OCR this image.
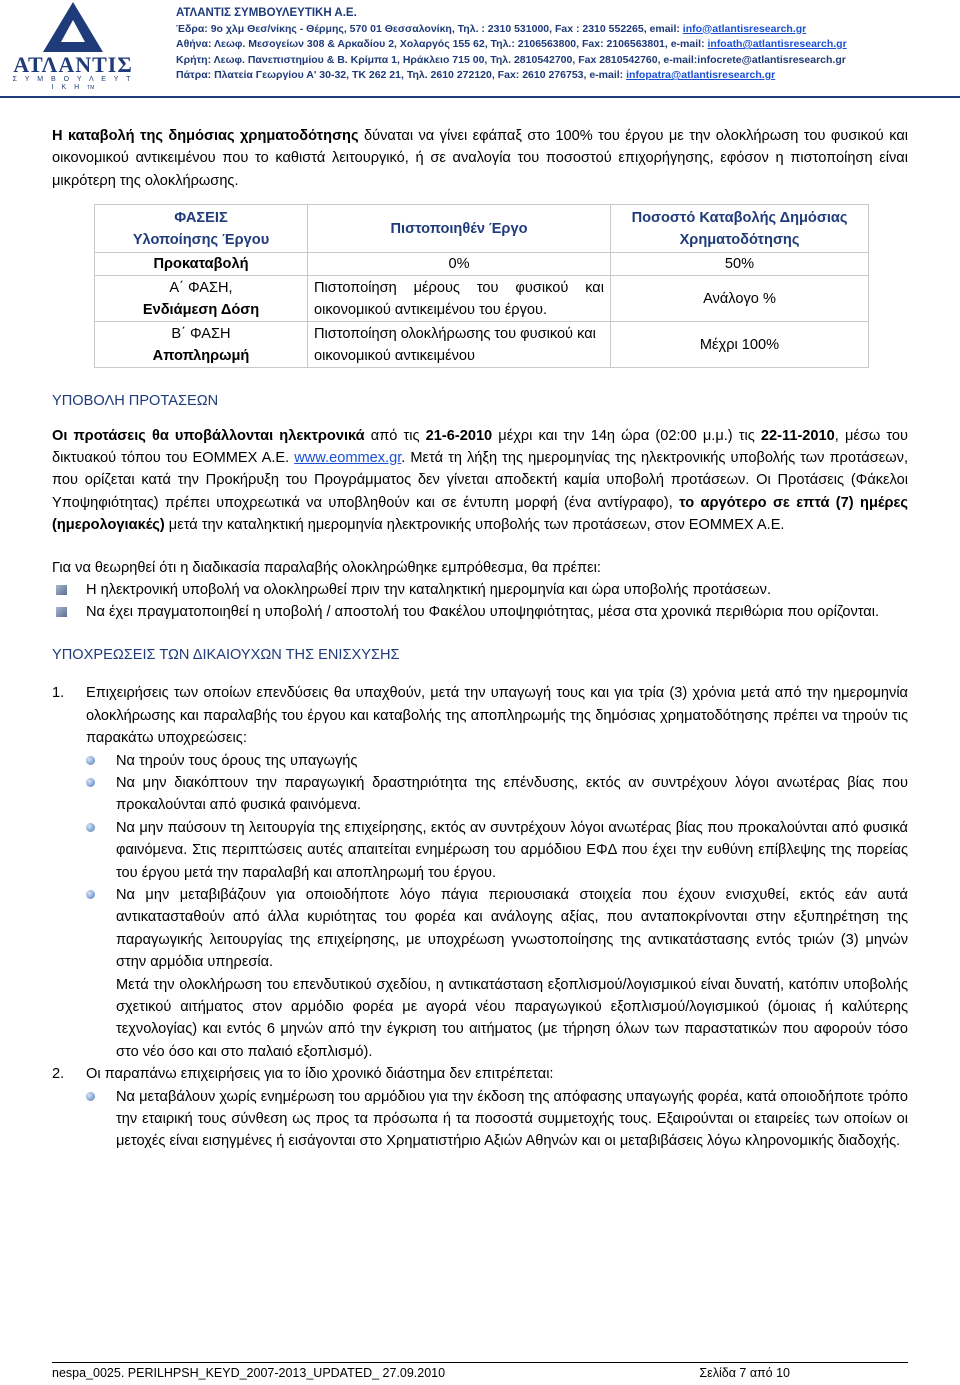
ΑΤΛΑΝΤΙΣ
Σ Υ Μ Β Ο Υ Λ Ε Υ Τ Ι Κ Η TM
ΑΤΛΑΝΤΙΣ ΣΥΜΒΟΥΛΕΥΤΙΚΗ Α.Ε.
Έδρα: 9ο χλμ Θεσ/νίκης - Θέρμης, 570 01 Θεσσαλονίκη, Τηλ. : 2310 531000, Fax : 2310 552265, email: info@atlantisresearch.gr
Αθήνα: Λεωφ. Μεσογείων 308 & Αρκαδίου 2, Χολαργός 155 62, Τηλ.: 2106563800, Fax: 2106563801, e-mail: infoath@atlantisresearch.gr
Κρήτη: Λεωφ. Πανεπιστημίου & Β. Κρίμπα 1, Ηράκλειο 715 00, Τηλ. 2810542700, Fax 2810542760, e-mail:infocrete@atlantisresearch.gr
Πάτρα: Πλατεία Γεωργίου Α' 30-32, ΤΚ 262 21, Τηλ. 2610 272120, Fax: 2610 276753, e-mail: infopatra@atlantisresearch.gr

Η καταβολή της δημόσιας χρηματοδότησης δύναται να γίνει εφάπαξ στο 100% του έργου με την ολοκλήρωση του φυσικού και οικονομικού αντικειμένου που το καθιστά λειτουργικό, ή σε αναλογία του ποσοστού επιχορήγησης, εφόσον η πιστοποίηση είναι μικρότερη της ολοκλήρωσης.

ΦΑΣΕΙΣ
Υλοποίησης Έργου	Πιστοποιηθέν Έργο	Ποσοστό Καταβολής Δημόσιας
Χρηματοδότησης
Προκαταβολή	0%	50%
Α΄ ΦΑΣΗ,
Ενδιάμεση Δόση	Πιστοποίηση μέρους του φυσικού και οικονομικού αντικειμένου του έργου.	Ανάλογο %
Β΄ ΦΑΣΗ
Αποπληρωμή	Πιστοποίηση ολοκλήρωσης του φυσικού και οικονομικού αντικειμένου	Μέχρι 100%

ΥΠΟΒΟΛΗ ΠΡΟΤΑΣΕΩΝ

Οι προτάσεις θα υποβάλλονται ηλεκτρονικά από τις 21-6-2010 μέχρι και την 14η ώρα (02:00 μ.μ.) τις 22-11-2010, μέσω του δικτυακού τόπου του ΕΟΜΜΕΧ Α.Ε. www.eommex.gr. Μετά τη λήξη της ημερομηνίας της ηλεκτρονικής υποβολής των προτάσεων, που ορίζεται κατά την Προκήρυξη του Προγράμματος δεν γίνεται αποδεκτή καμία υποβολή προτάσεων. Οι Προτάσεις (Φάκελοι Υποψηφιότητας) πρέπει υποχρεωτικά να υποβληθούν και σε έντυπη μορφή (ένα αντίγραφο), το αργότερο σε επτά (7) ημέρες (ημερολογιακές) μετά την καταληκτική ημερομηνία ηλεκτρονικής υποβολής των προτάσεων, στον ΕΟΜΜΕΧ Α.Ε.

Για να θεωρηθεί ότι η διαδικασία παραλαβής ολοκληρώθηκε εμπρόθεσμα, θα πρέπει:

Η ηλεκτρονική υποβολή να ολοκληρωθεί πριν την καταληκτική ημερομηνία και ώρα υποβολής προτάσεων.

Να έχει πραγματοποιηθεί η υποβολή / αποστολή του Φακέλου υποψηφιότητας, μέσα στα χρονικά περιθώρια που ορίζονται.

ΥΠΟΧΡΕΩΣΕΙΣ ΤΩΝ ΔΙΚΑΙΟΥΧΩΝ ΤΗΣ ΕΝΙΣΧΥΣΗΣ

1. Επιχειρήσεις των οποίων επενδύσεις θα υπαχθούν, μετά την υπαγωγή τους και για τρία (3) χρόνια μετά από την ημερομηνία ολοκλήρωσης και παραλαβής του έργου και καταβολής της αποπληρωμής της δημόσιας χρηματοδότησης πρέπει να τηρούν τις παρακάτω υποχρεώσεις:

Να τηρούν τους όρους της υπαγωγής

Να μην διακόπτουν την παραγωγική δραστηριότητα της επένδυσης, εκτός αν συντρέχουν λόγοι ανωτέρας βίας που προκαλούνται από φυσικά φαινόμενα.

Να μην παύσουν τη λειτουργία της επιχείρησης, εκτός αν συντρέχουν λόγοι ανωτέρας βίας που προκαλούνται από φυσικά φαινόμενα. Στις περιπτώσεις αυτές απαιτείται ενημέρωση του αρμόδιου ΕΦΔ που έχει την ευθύνη επίβλεψης της πορείας του έργου μετά την παραλαβή και αποπληρωμή του έργου.

Να μην μεταβιβάζουν για οποιοδήποτε λόγο πάγια περιουσιακά στοιχεία που έχουν ενισχυθεί, εκτός εάν αυτά αντικατασταθούν από άλλα κυριότητας του φορέα και ανάλογης αξίας, που ανταποκρίνονται στην εξυπηρέτηση της παραγωγικής λειτουργίας της επιχείρησης, με υποχρέωση γνωστοποίησης της αντικατάστασης εντός τριών (3) μηνών στην αρμόδια υπηρεσία.

Μετά την ολοκλήρωση του επενδυτικού σχεδίου, η αντικατάσταση εξοπλισμού/λογισμικού είναι δυνατή, κατόπιν υποβολής σχετικού αιτήματος στον αρμόδιο φορέα με αγορά νέου παραγωγικού εξοπλισμού/λογισμικού (όμοιας ή καλύτερης τεχνολογίας) και εντός 6 μηνών από την έγκριση του αιτήματος (με τήρηση όλων των παραστατικών που αφορούν τόσο στο νέο όσο και στο παλαιό εξοπλισμό).

2. Οι παραπάνω επιχειρήσεις για το ίδιο χρονικό διάστημα δεν επιτρέπεται:

Να μεταβάλουν χωρίς ενημέρωση του αρμόδιου για την έκδοση της απόφασης υπαγωγής φορέα, κατά οποιοδήποτε τρόπο την εταιρική τους σύνθεση ως προς τα πρόσωπα ή τα ποσοστά συμμετοχής τους. Εξαιρούνται οι εταιρείες των οποίων οι μετοχές είναι εισηγμένες ή εισάγονται στο Χρηματιστήριο Αξιών Αθηνών και οι μεταβιβάσεις λόγω κληρονομικής διαδοχής.

nespa_0025. PERILHPSH_KEYD_2007-2013_UPDATED_ 27.09.2010	Σελίδα 7 από 10
